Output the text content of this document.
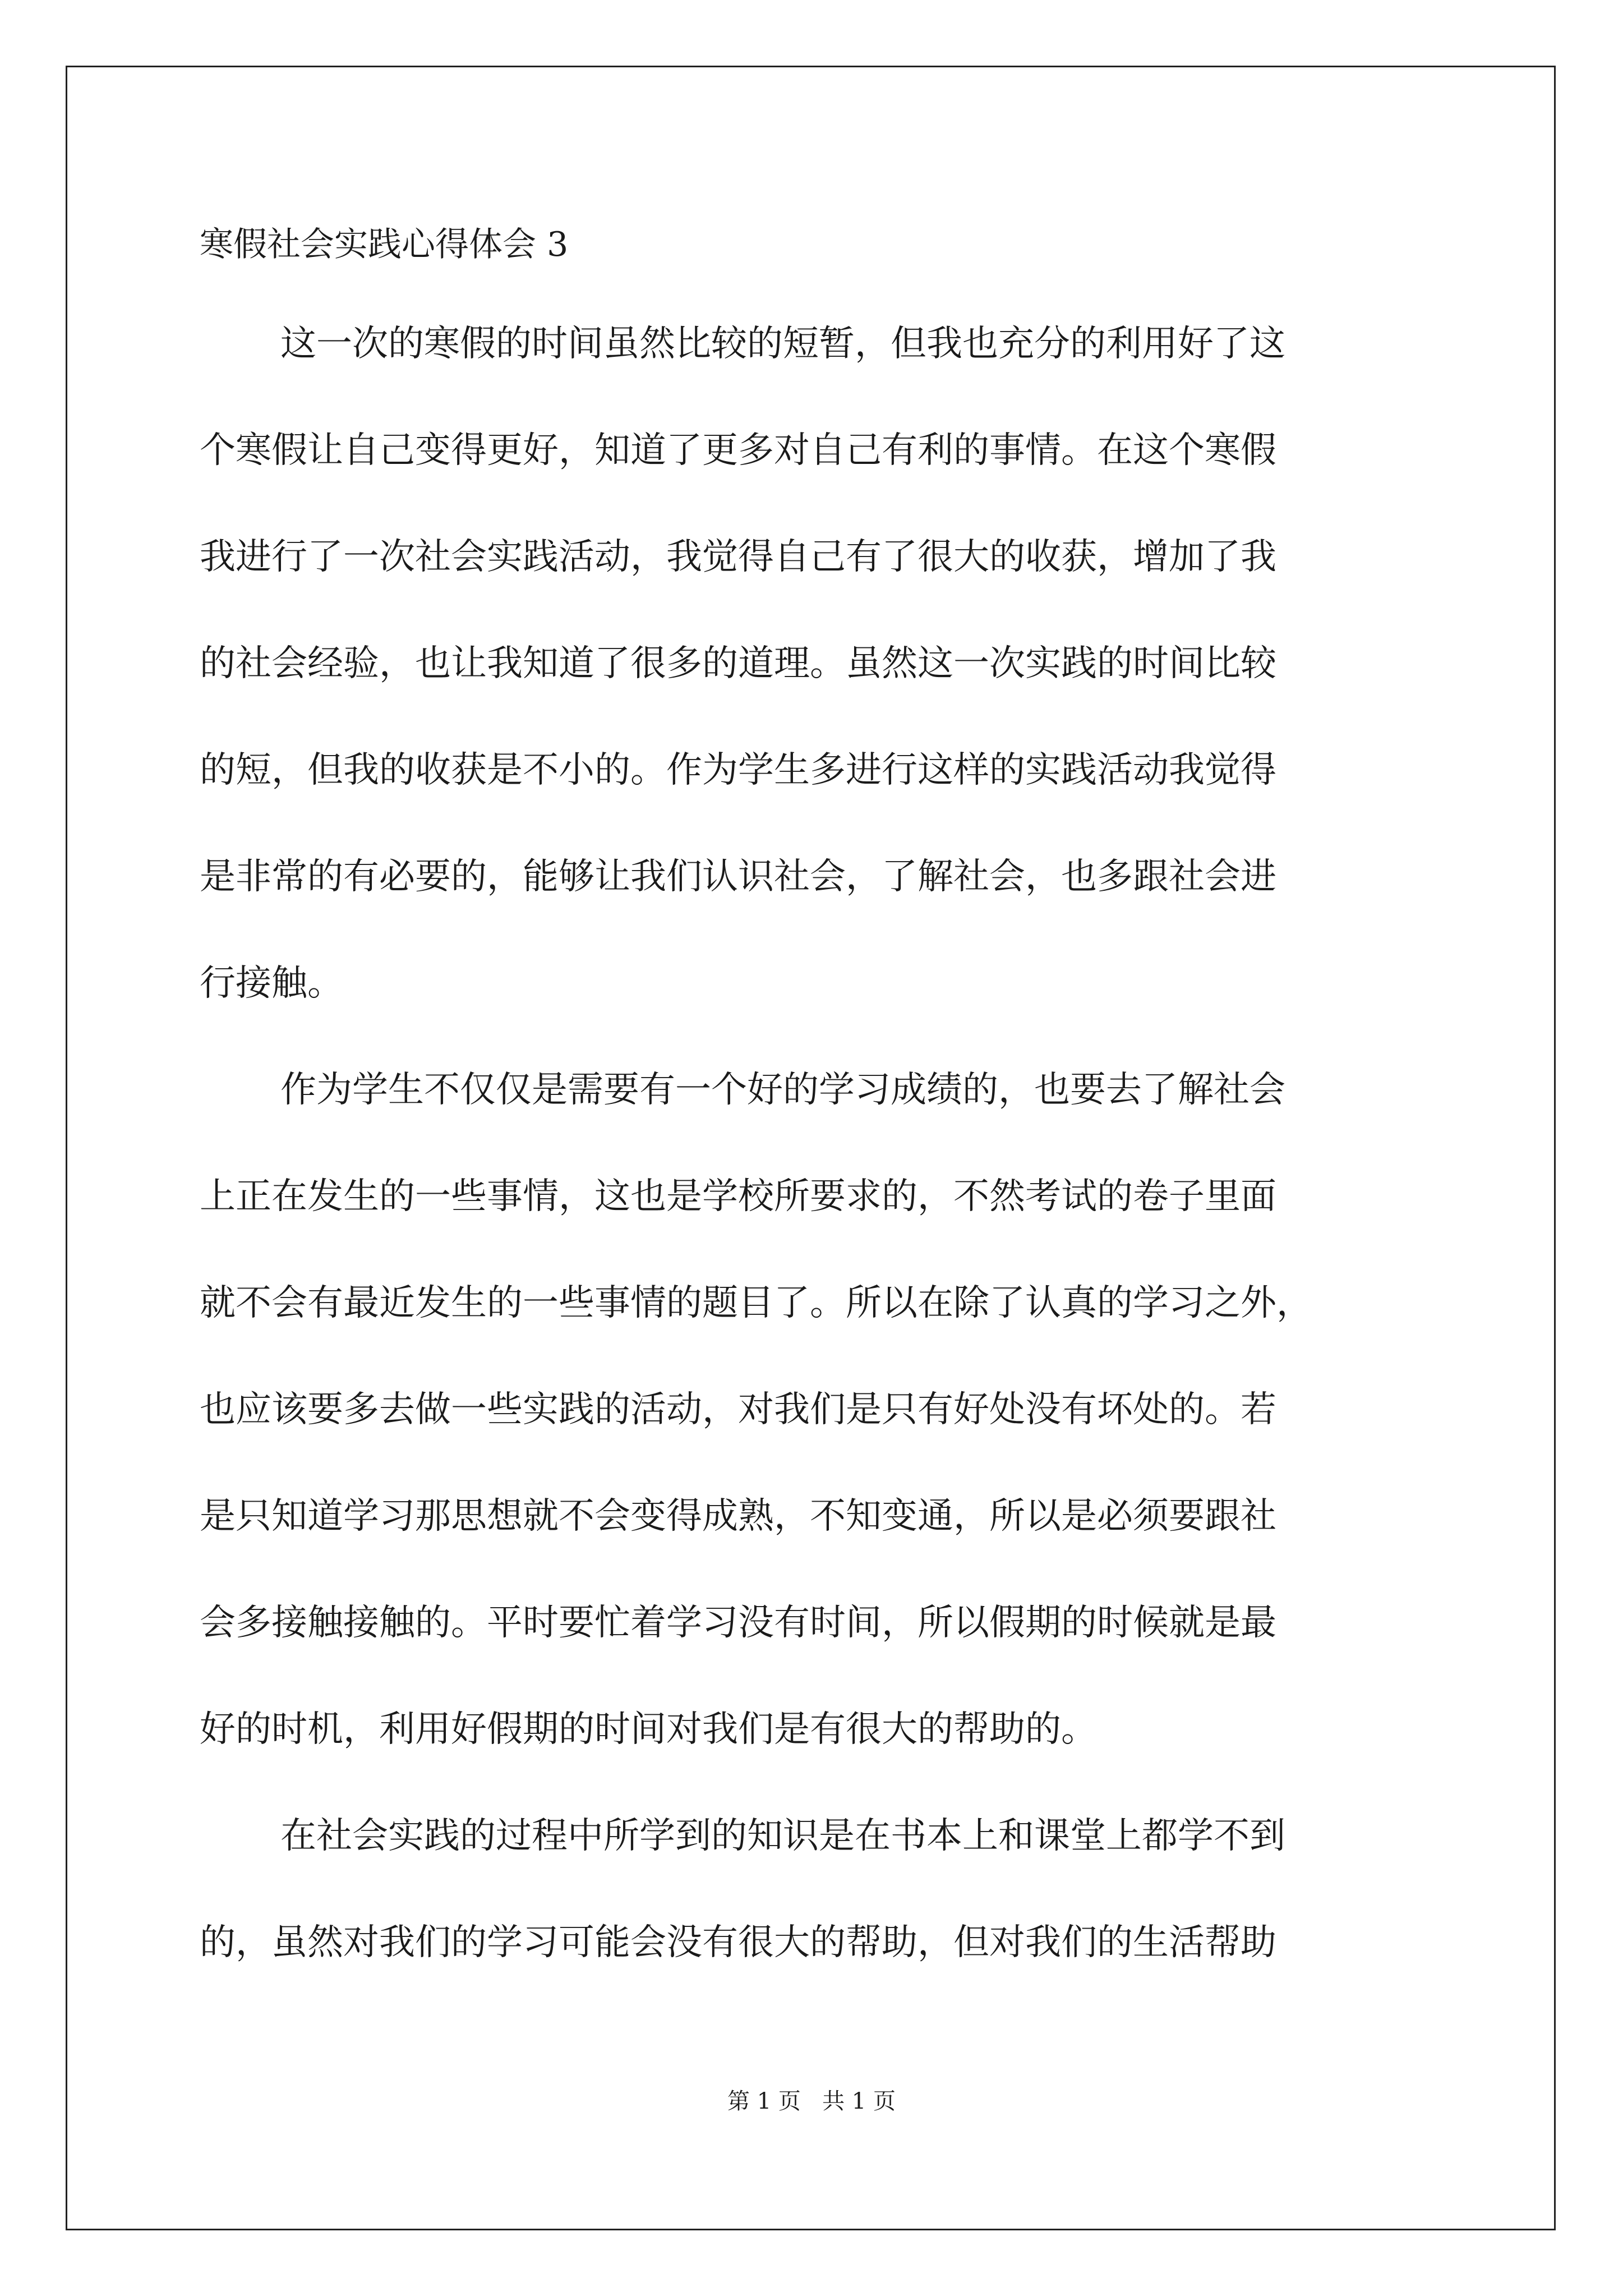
寒假社会实践心得体会 3

这一次的寒假的时间虽然比较的短暂，但我也充分的利用好了这

个寒假让自己变得更好，知道了更多对自己有利的事情。在这个寒假

我进行了一次社会实践活动，我觉得自己有了很大的收获，增加了我

的社会经验，也让我知道了很多的道理。虽然这一次实践的时间比较

的短，但我的收获是不小的。作为学生多进行这样的实践活动我觉得

是非常的有必要的，能够让我们认识社会，了解社会，也多跟社会进

行接触。

作为学生不仅仅是需要有一个好的学习成绩的，也要去了解社会

上正在发生的一些事情，这也是学校所要求的，不然考试的卷子里面

就不会有最近发生的一些事情的题目了。所以在除了认真的学习之外，

也应该要多去做一些实践的活动，对我们是只有好处没有坏处的。若

是只知道学习那思想就不会变得成熟，不知变通，所以是必须要跟社

会多接触接触的。平时要忙着学习没有时间，所以假期的时候就是最

好的时机，利用好假期的时间对我们是有很大的帮助的。

在社会实践的过程中所学到的知识是在书本上和课堂上都学不到

的，虽然对我们的学习可能会没有很大的帮助，但对我们的生活帮助

第 1 页   共 1 页
